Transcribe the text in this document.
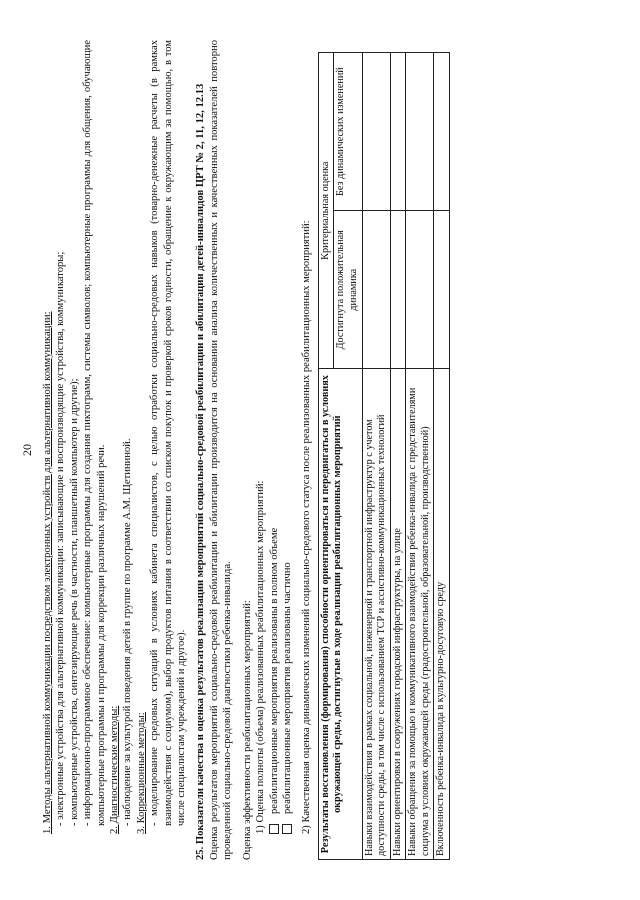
20 1. Методы альтернативной коммуникации посредством электронных устройств для альтернативной коммуникации: - электронные устройства для альтернативной коммуникации: записывающие и воспроизводящие устройства, коммуникаторы; - компьютерные устройства, синтезирующие речь (в частности, планшетный компьютер и другие); - информационно-программное обеспечение: компьютерные программы для создания пиктограмм, системы символов; компьютерные программы для общения, обучающие компьютерные программы и программы для коррекции различных нарушений речи. 2. Диагностические методы: - наблюдение за культурой поведения детей в группе по программе А.М. Щетининой. 3. Коррекционные методы: - моделирование средовых ситуаций в условиях кабинета специалистов, с целью отработки социально-средовых навыков (товарно-денежные расчеты (в рамках взаимодействия с социумом), выбор продуктов питания в соответствии со списком покупок и проверкой сроков годности, обращение к окружающим за помощью, в том числе специалистам учреждений и другое). 25. Показатели качества и оценка результатов реализации мероприятий социально-средовой реабилитации и абилитации детей-инвалидов ЦРТ № 2, 11, 12, 12.13 Оценка результатов мероприятий социально-средовой реабилитации и абилитации производится на основании анализа количественных и качественных показателей повторно проведенной социально-средовой диагностики ребенка-инвалида. Оценка эффективности реабилитационных мероприятий: 1) Оценка полноты (объема) реализованных реабилитационных мероприятий: реабилитационные мероприятия реализованы в полном объеме реабилитационные мероприятия реализованы частично 2) Качественная оценка динамических изменений социально-средового статуса после реализованных реабилитационных мероприятий: Результаты восстановления (формирования) способности ориентироваться и передвигаться в условиях окружающей среды, достигнутые в ходе реализации реабилитационных мероприятий	Критериальная оценка	
	Достигнута положительная динамика	Без динамических изменений
Навыки взаимодействия в рамках социальной, инженерной и транспортной инфраструктур с учетом доступности среды, в том числе с использованием ТСР и ассистивно-коммуникационных технологий		
Навыки ориентировки в сооружениях городской инфраструктуры, на улице		
Навыки обращения за помощью и коммуникативного взаимодействия ребенка-инвалида с представителями социума в условиях окружающей среды (градостроительной, образовательной, производственной)		
Включенность ребенка-инвалида в культурно-досуговую среду		
